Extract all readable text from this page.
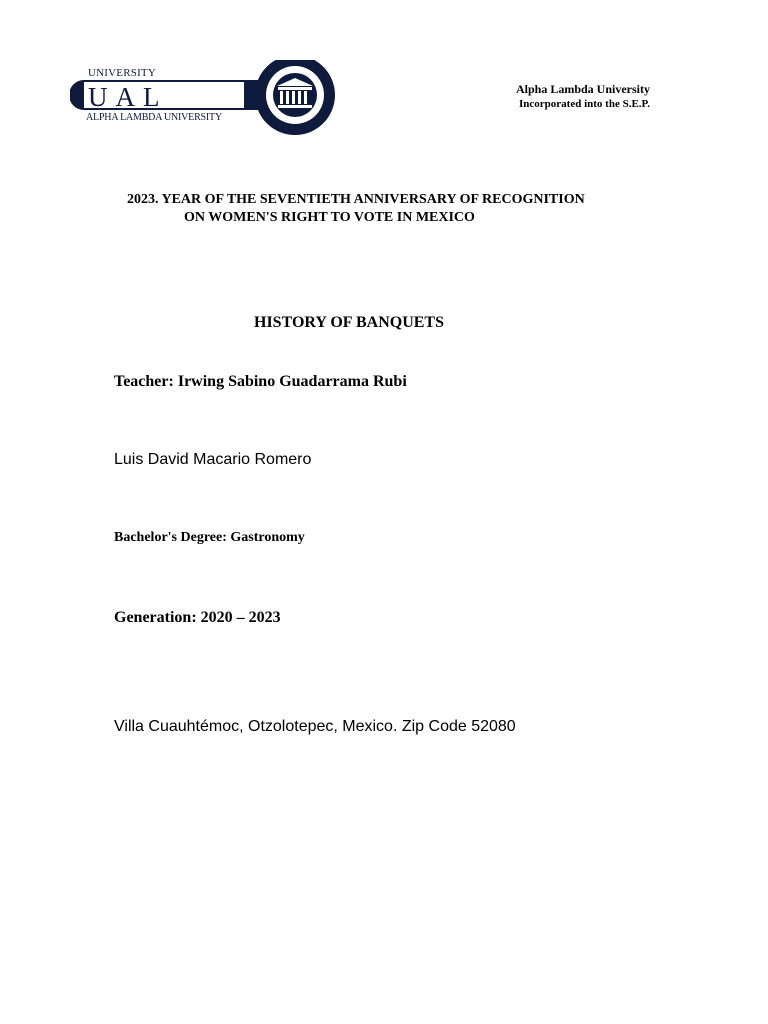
UNIVERSITY
UAL
ALPHA LAMBDA UNIVERSITY
Alpha Lambda University
Incorporated into the S.E.P.
2023. YEAR OF THE SEVENTIETH ANNIVERSARY OF RECOGNITION
ON WOMEN'S RIGHT TO VOTE IN MEXICO
HISTORY OF BANQUETS
Teacher: Irwing Sabino Guadarrama Rubi
Luis David Macario Romero
Bachelor's Degree: Gastronomy
Generation: 2020 – 2023
Villa Cuauhtémoc, Otzolotepec, Mexico. Zip Code 52080
